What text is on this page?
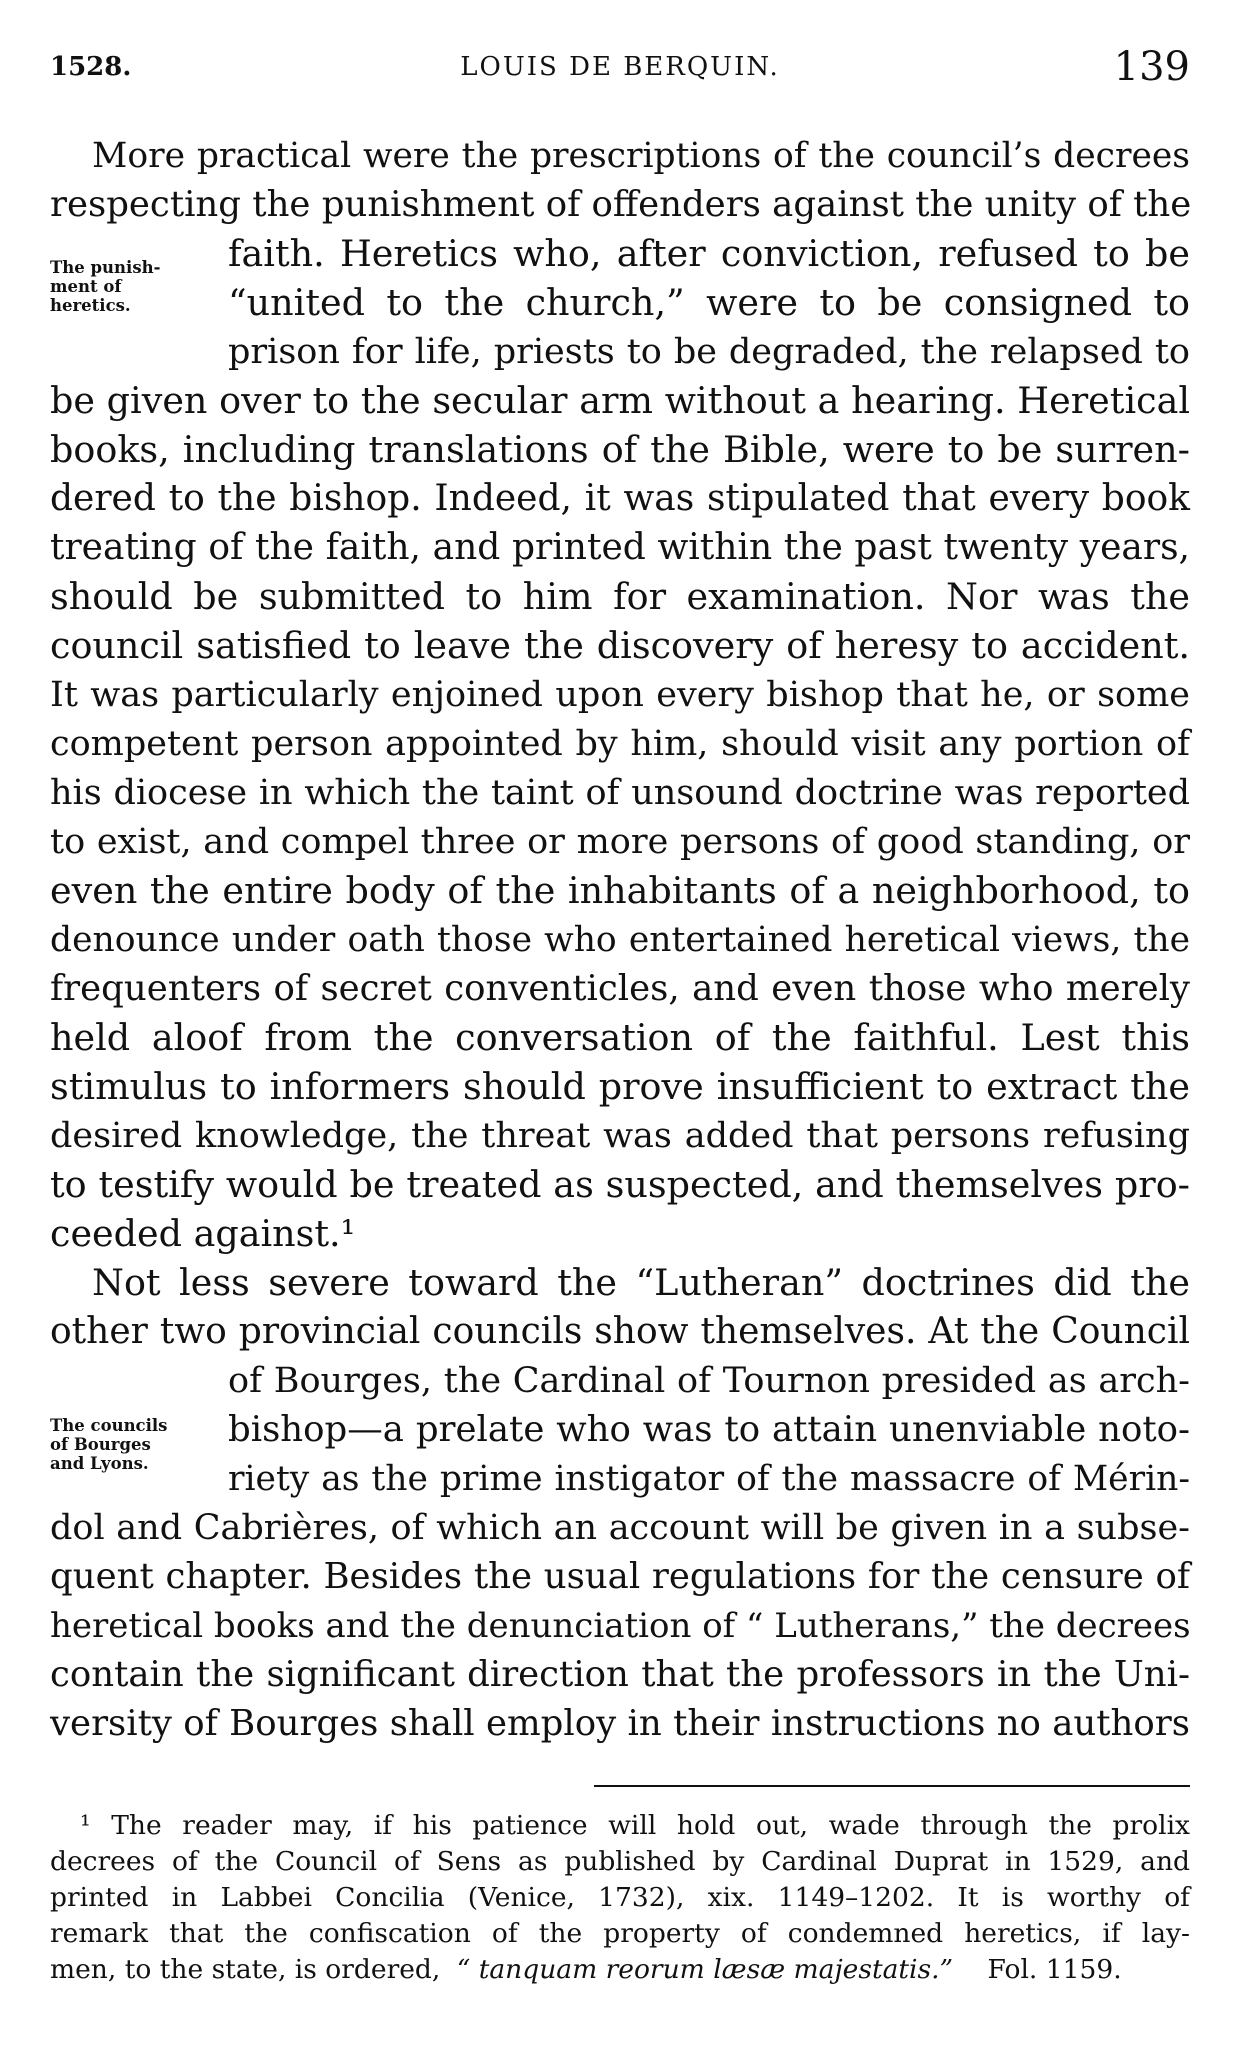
1528.	LOUIS DE BERQUIN.	139
The punish-
ment of
heretics.
The councils
of Bourges
and Lyons.
More practical were the prescriptions of the council’s decrees
respecting the punishment of offenders against the unity of the
faith. Heretics who, after conviction, refused to be
“united to the church,” were to be consigned to
prison for life, priests to be degraded, the relapsed to
be given over to the secular arm without a hearing. Heretical
books, including translations of the Bible, were to be surren-
dered to the bishop. Indeed, it was stipulated that every book
treating of the faith, and printed within the past twenty years,
should be submitted to him for examination. Nor was the
council satisfied to leave the discovery of heresy to accident.
It was particularly enjoined upon every bishop that he, or some
competent person appointed by him, should visit any portion of
his diocese in which the taint of unsound doctrine was reported
to exist, and compel three or more persons of good standing, or
even the entire body of the inhabitants of a neighborhood, to
denounce under oath those who entertained heretical views, the
frequenters of secret conventicles, and even those who merely
held aloof from the conversation of the faithful. Lest this
stimulus to informers should prove insufficient to extract the
desired knowledge, the threat was added that persons refusing
to testify would be treated as suspected, and themselves pro-
ceeded against.¹
Not less severe toward the “Lutheran” doctrines did the
other two provincial councils show themselves. At the Council
of Bourges, the Cardinal of Tournon presided as arch-
bishop—a prelate who was to attain unenviable noto-
riety as the prime instigator of the massacre of Mérin-
dol and Cabrières, of which an account will be given in a subse-
quent chapter. Besides the usual regulations for the censure of
heretical books and the denunciation of “ Lutherans,” the decrees
contain the significant direction that the professors in the Uni-
versity of Bourges shall employ in their instructions no authors
¹ The reader may, if his patience will hold out, wade through the prolix
decrees of the Council of Sens as published by Cardinal Duprat in 1529, and
printed in Labbei Concilia (Venice, 1732), xix. 1149–1202. It is worthy of
remark that the confiscation of the property of condemned heretics, if lay-
men, to the state, is ordered, “ tanquam reorum læsæ majestatis.” Fol. 1159.
